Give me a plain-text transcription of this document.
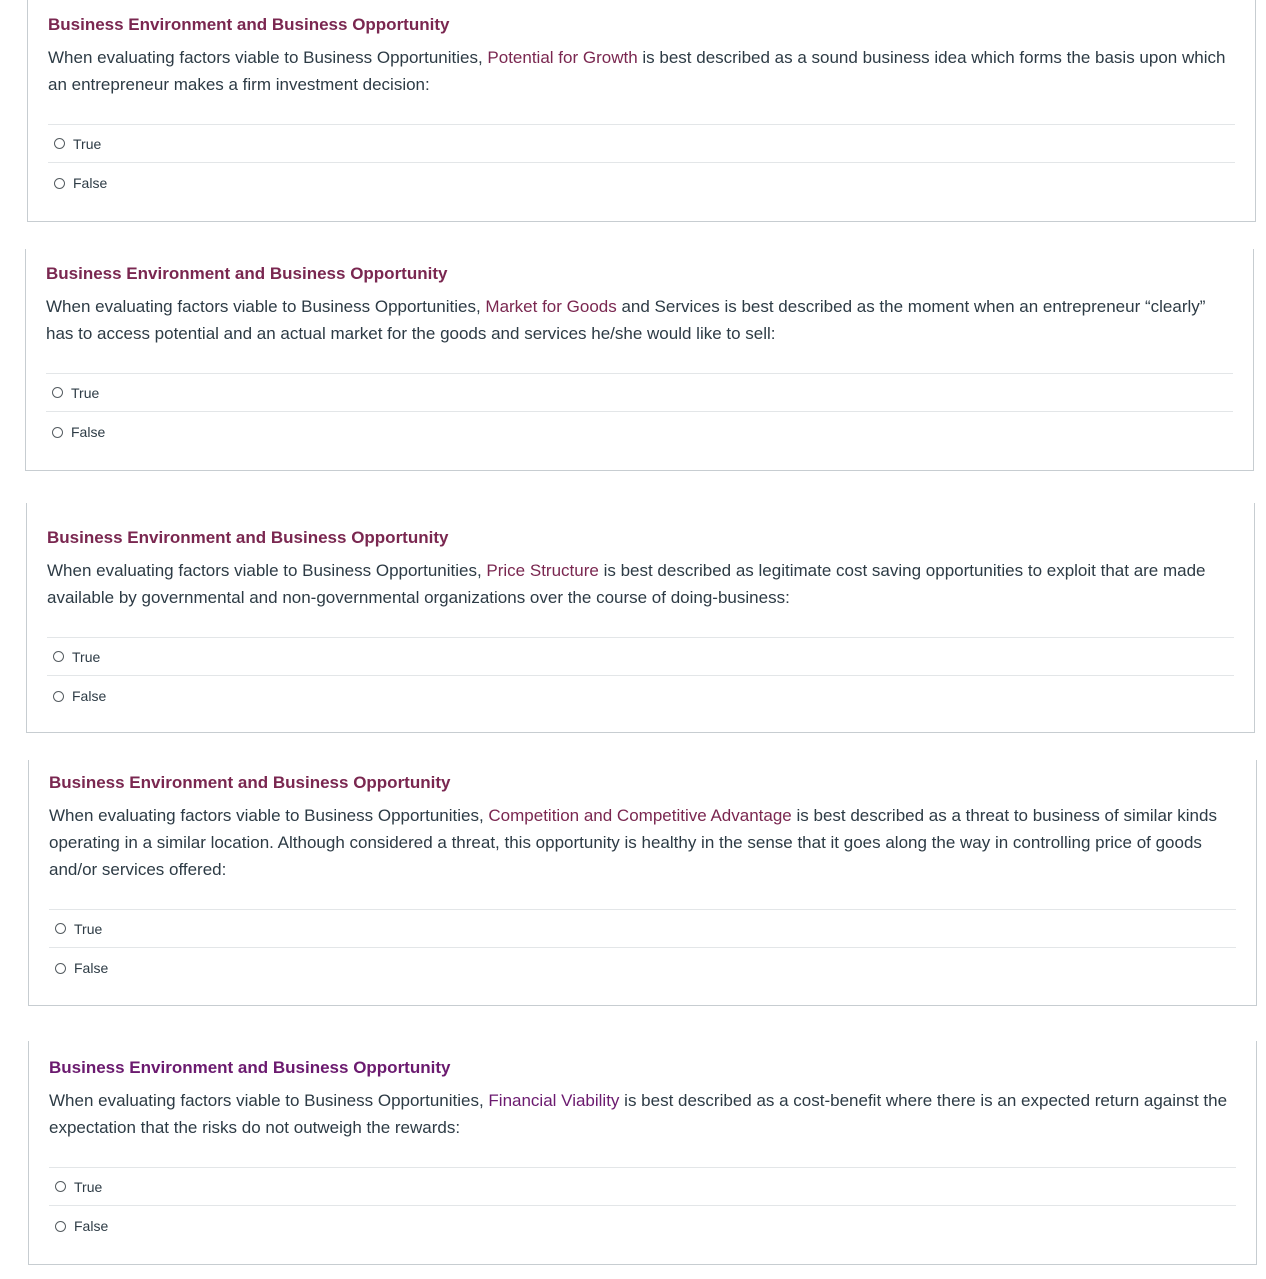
Business Environment and Business Opportunity
When evaluating factors viable to Business Opportunities, Potential for Growth is best described as a sound business idea which forms the basis upon which an entrepreneur makes a firm investment decision:
True
False
Business Environment and Business Opportunity
When evaluating factors viable to Business Opportunities, Market for Goods and Services is best described as the moment when an entrepreneur “clearly” has to access potential and an actual market for the goods and services he/she would like to sell:
True
False
Business Environment and Business Opportunity
When evaluating factors viable to Business Opportunities, Price Structure is best described as legitimate cost saving opportunities to exploit that are made available by governmental and non-governmental organizations over the course of doing-business:
True
False
Business Environment and Business Opportunity
When evaluating factors viable to Business Opportunities, Competition and Competitive Advantage is best described as a threat to business of similar kinds operating in a similar location. Although considered a threat, this opportunity is healthy in the sense that it goes along the way in controlling price of goods and/or services offered:
True
False
Business Environment and Business Opportunity
When evaluating factors viable to Business Opportunities, Financial Viability is best described as a cost-benefit where there is an expected return against the expectation that the risks do not outweigh the rewards:
True
False
